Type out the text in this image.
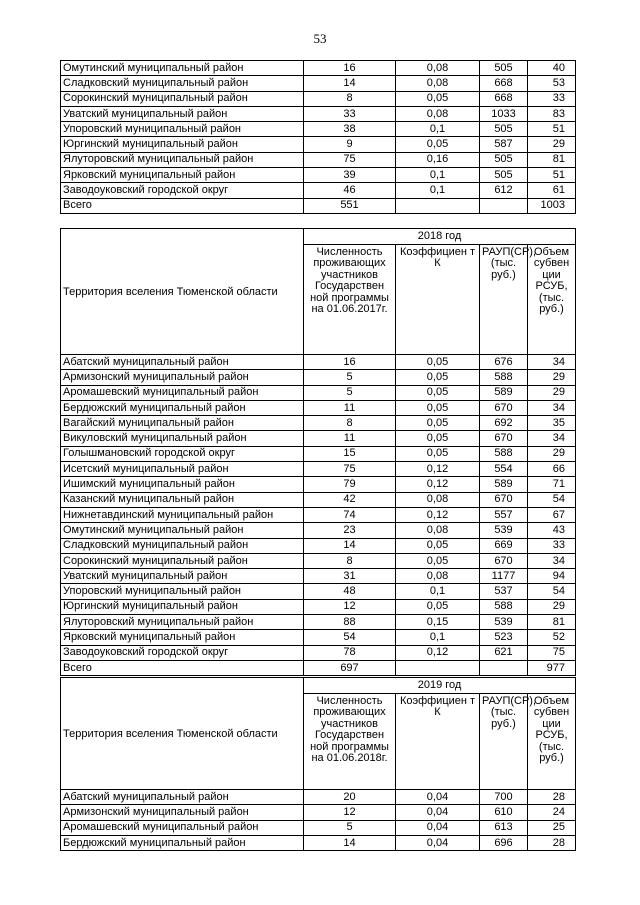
53
Омутинский муниципальный район	16	0,08	505	40
Сладковский муниципальный район	14	0,08	668	53
Сорокинский муниципальный район	8	0,05	668	33
Уватский муниципальный район	33	0,08	1033	83
Упоровский муниципальный район	38	0,1	505	51
Юргинский муниципальный район	9	0,05	587	29
Ялуторовский муниципальный район	75	0,16	505	81
Ярковский муниципальный район	39	0,1	505	51
Заводоуковский городской округ	46	0,1	612	61
Всего	551			1003
Территория вселения Тюменской области	2018 год			
	Численность проживающих участников Государствен ной программы на 01.06.2017г.	Коэффициен т К	РАУП(СР), (тыс. руб.)	Объем субвен ции РСУБ, (тыс. руб.)
Абатский муниципальный район	16	0,05	676	34
Армизонский муниципальный район	5	0,05	588	29
Аромашевский муниципальный район	5	0,05	589	29
Бердюжский муниципальный район	11	0,05	670	34
Вагайский муниципальный район	8	0,05	692	35
Викуловский муниципальный район	11	0,05	670	34
Голышмановский городской округ	15	0,05	588	29
Исетский муниципальный район	75	0,12	554	66
Ишимский муниципальный район	79	0,12	589	71
Казанский муниципальный район	42	0,08	670	54
Нижнетавдинский муниципальный район	74	0,12	557	67
Омутинский муниципальный район	23	0,08	539	43
Сладковский муниципальный район	14	0,05	669	33
Сорокинский муниципальный район	8	0,05	670	34
Уватский муниципальный район	31	0,08	1177	94
Упоровский муниципальный район	48	0,1	537	54
Юргинский муниципальный район	12	0,05	588	29
Ялуторовский муниципальный район	88	0,15	539	81
Ярковский муниципальный район	54	0,1	523	52
Заводоуковский городской округ	78	0,12	621	75
Всего	697			977
Территория вселения Тюменской области	2019 год			
	Численность проживающих участников Государствен ной программы на 01.06.2018г.	Коэффициен т К	РАУП(СР), (тыс. руб.)	Объем субвен ции РСУБ, (тыс. руб.)
Абатский муниципальный район	20	0,04	700	28
Армизонский муниципальный район	12	0,04	610	24
Аромашевский муниципальный район	5	0,04	613	25
Бердюжский муниципальный район	14	0,04	696	28
